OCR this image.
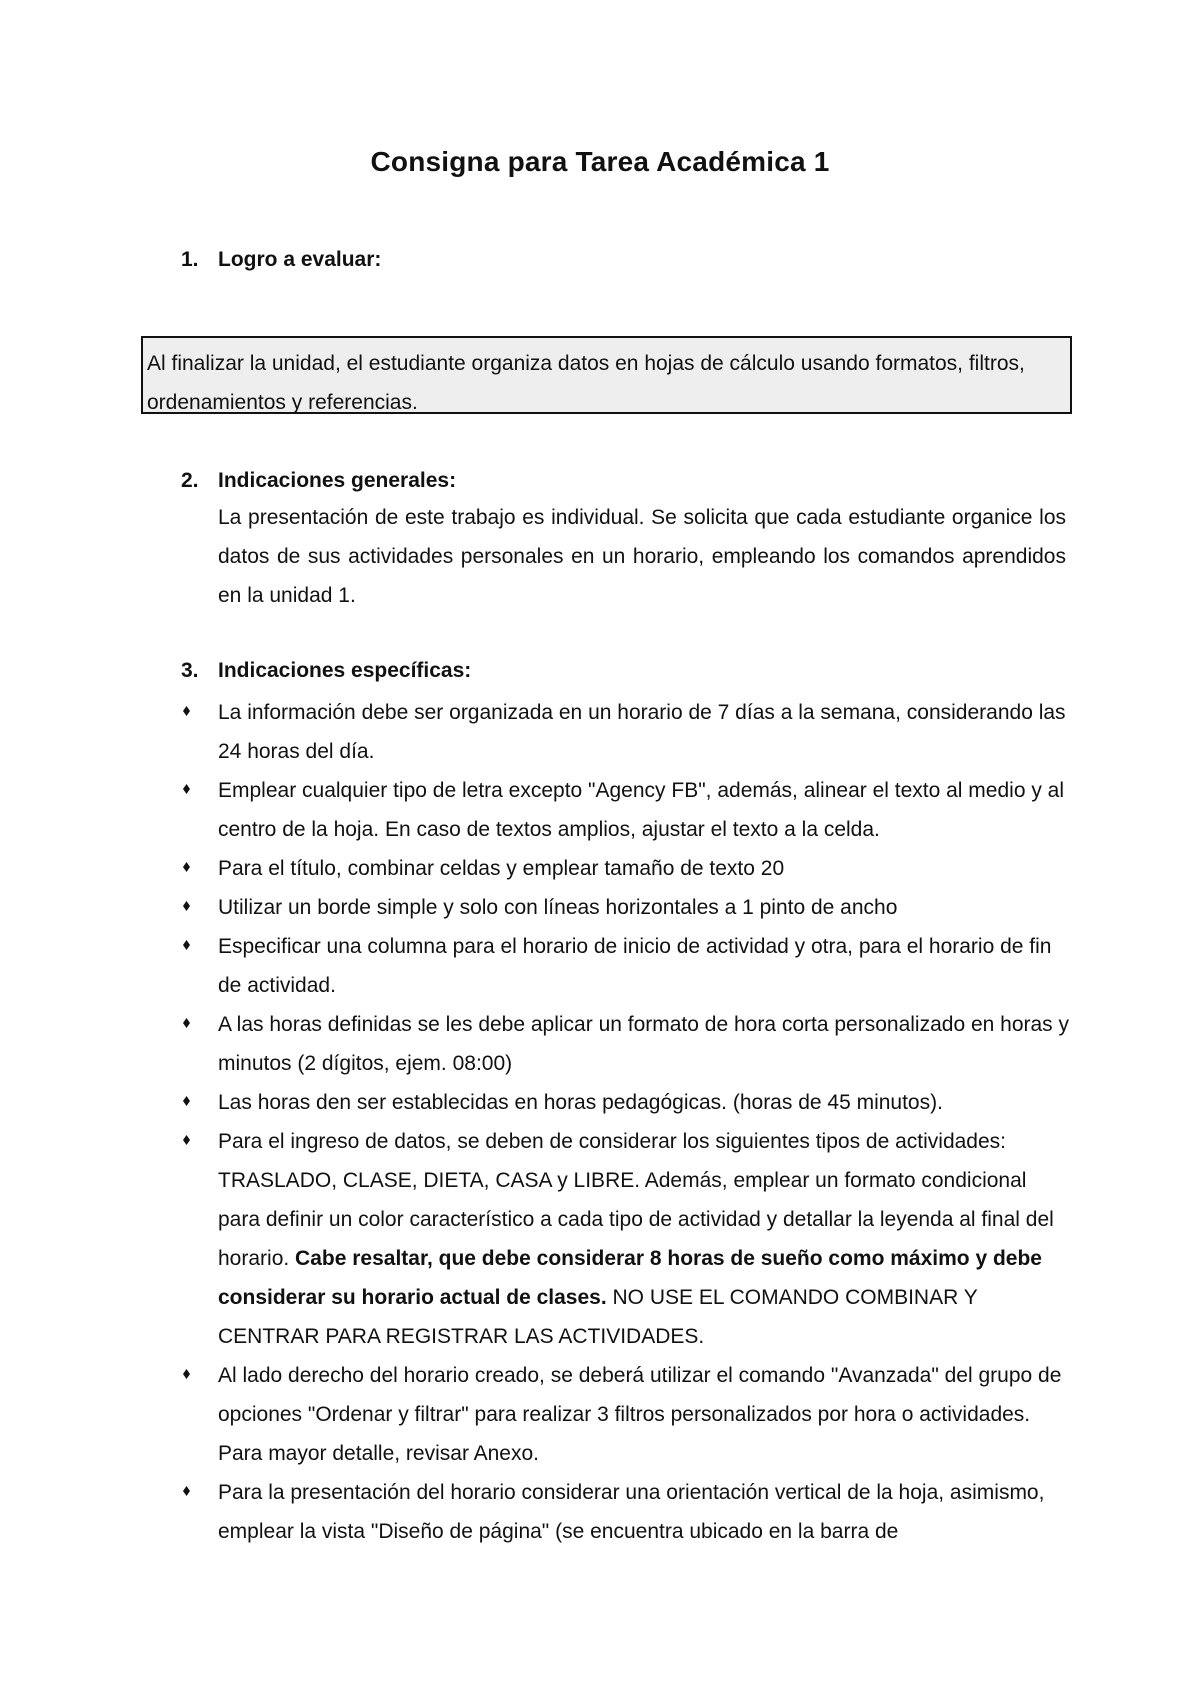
Consigna para Tarea Académica 1
1. Logro a evaluar:
Al finalizar la unidad, el estudiante organiza datos en hojas de cálculo usando formatos, filtros, ordenamientos y referencias.
2. Indicaciones generales:
La presentación de este trabajo es individual. Se solicita que cada estudiante organice los datos de sus actividades personales en un horario, empleando los comandos aprendidos en la unidad 1.
3. Indicaciones específicas:
La información debe ser organizada en un horario de 7 días a la semana, considerando las 24 horas del día.
Emplear cualquier tipo de letra excepto "Agency FB", además, alinear el texto al medio y al centro de la hoja. En caso de textos amplios, ajustar el texto a la celda.
Para el título, combinar celdas y emplear tamaño de texto 20
Utilizar un borde simple y solo con líneas horizontales a 1 pinto de ancho
Especificar una columna para el horario de inicio de actividad y otra, para el horario de fin de actividad.
A las horas definidas se les debe aplicar un formato de hora corta personalizado en horas y minutos (2 dígitos, ejem. 08:00)
Las horas den ser establecidas en horas pedagógicas. (horas de 45 minutos).
Para el ingreso de datos, se deben de considerar los siguientes tipos de actividades: TRASLADO, CLASE, DIETA, CASA y LIBRE. Además, emplear un formato condicional para definir un color característico a cada tipo de actividad y detallar la leyenda al final del horario. Cabe resaltar, que debe considerar 8 horas de sueño como máximo y debe considerar su horario actual de clases. NO USE EL COMANDO COMBINAR Y CENTRAR PARA REGISTRAR LAS ACTIVIDADES.
Al lado derecho del horario creado, se deberá utilizar el comando "Avanzada" del grupo de opciones "Ordenar y filtrar" para realizar 3 filtros personalizados por hora o actividades. Para mayor detalle, revisar Anexo.
Para la presentación del horario considerar una orientación vertical de la hoja, asimismo, emplear la vista "Diseño de página" (se encuentra ubicado en la barra de
